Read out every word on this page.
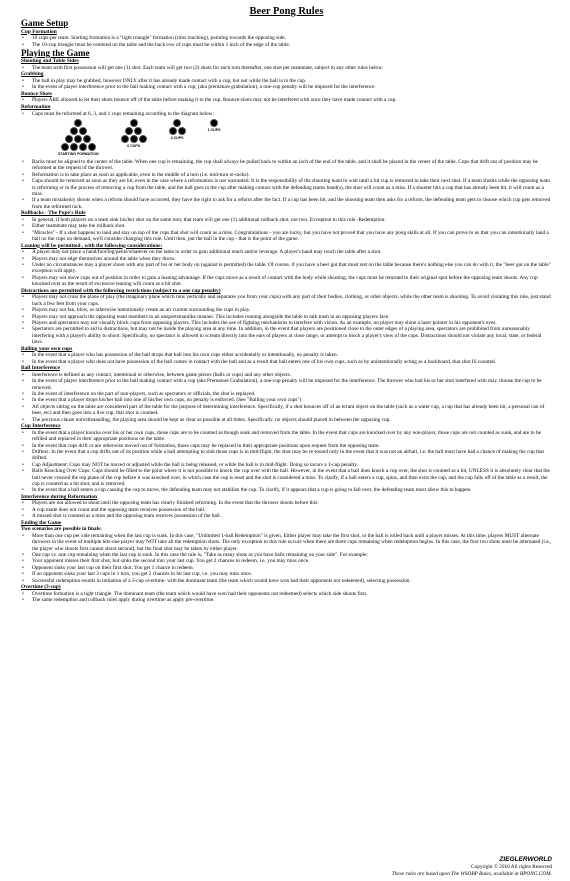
Beer Pong Rules
Game Setup
Cup Formation
• 10 cups-per team. Starting formation is a "tight triangle" formation (rims touching), pointing towards the opposing side.
• The 10-cup triangle must be centered on the table and the back row of cups must be within 1 inch of the edge of the table.
Playing the Game
Shooting and Table Sides
• The team with first possession will get one (1) shot. Each team will get two (2) shots for each turn thereafter, one shot per teammate, subject to any other rules below.
Grabbing
• The ball in play may be grabbed, however ONLY after it has already made contact with a cup, but not while the ball is in the cup.
• In the event of player interference prior to the ball making contact with a cup, (aka premature grabulation), a one-cup penalty will be imposed for the interference.
Bounce Shots
• Players ARE allowed to let their shots bounce off of the table before making it to the cup. Bounce-shots may not be interfered with once they have made contact with a cup.
Reformation
• Cups must be reformed at 6, 3, and 1 cups remaining according to the diagram below:
STARTING FORMATION
6 CUPS
3 CUPS
1 CUPS
• Racks must be aligned to the center of the table. When one cup is remaining, the cup shall always be pulled back to within an inch of the end of the table, and it shall be placed in the center of the table. Cups that drift out of position may be reformed at the request of the thrower.
• Reformation is to take place as soon as applicable, even in the middle of a turn (i.e. mid-turn re-racks).
• Cups should be removed as soon as they are hit, even in the case where a reformation is not warranted. It is the responsibility of the shooting team to wait until a hit cup is removed to take their next shot. If a team shoots while the opposing team is reforming or in the process of removing a cup from the table, and the ball goes in the cup after making contact with the defending teams hand(s), the shot will count as a miss. If a shooter hits a cup that has already been hit, it will count as a miss.
• If a team mistakenly shoots when a reform should have occurred, they have the right to ask for a reform after the fact. If a cup has been hit, and the shooting team then asks for a reform, the defending team gets to choose which cup gets removed from the reformed rack.
Rollbacks - The Pope's Rule
• In general, if both players on a team sink his/her shot on the same turn, that team will get one (1) additional rollback shot, not two: Exception to this rule -Redemption.
• Either teammate may take the rollback shot.
• "Miracles" - If a shot happens to land and stay on top of the cups that shot will count as a miss. Congratulations - you are lucky, but you have not proved that you have any pong skills at all. If you can prove to us that you can intentionally land a ball on the cups on demand, we'll consider changing this rule. Until then, put the ball in the cup - that is the point of the game.
Leaning will be permitted , with the following considerations:
• A player may not place a hand/foot/leg/penis/whatever on the table in order to gain additional reach and/or leverage. A player's hand may touch the table after a shot.
• Players may not edge themselves around the table when they throw.
• Under no circumstances may a player shoot with any part of his or her body on (against is permitted) the table. Of course, if you have a beer gut that must rest on the table because there's nothing else you can do with it, the "beer gut on the table" exception will apply.
• Players may not move cups out of position in order to gain a leaning advantage. If the cups move as a result of contact with the body while shooting, the cups must be returned to their original spot before the opposing team shoots. Any cup knocked over as the result of excessive leaning will count as a hit shot.
Distractions are permitted with the following restrictions (subject to a one cup penalty)
• Players may not cross the plane of play (the imaginary plane which runs vertically and separates you from your cups) with any part of their bodies, clothing, or other objects, while the other team is shooting. To avoid violating this rule, just stand back a few feet from your cups.
• Players may not fan, blow, or otherwise intentionally create an air current surrounding the cups in play.
• Players may not approach the opposing team members in an unsportsmanlike manner. This includes running alongside the table to talk trash in an opposing players face.
• Players and spectators may not visually block cups from opposing players. This includes the use of fighting mechanisms to interfere with vision. As an example, no player may shine a laser pointer in his opponent's eyes.
• Spectators are permitted to aid in distractions, but may not be inside the playing area at any time. In addition, in the event that players are positioned close to the outer edges of a playing area, spectators are prohibited from unreasonably interfering with a player's ability to shoot. Specifically, no spectator is allowed to scream directly into the ears of players at close range, or attempt to block a player's view of the cups. Distractions should not violate any local, state, or federal laws.
Balling your own cups
• In the event that a player who has possession of the ball drops that ball into his own cups either accidentally or intentionally, no penalty is taken.
• In the event that a player who does not have possession of the ball comes in contact with the ball and as a result that ball enters one of his own cups, such as by unintentionally acting as a backboard, that shot IS counted.
Ball Interference
• Interference is defined as any contact, intentional or otherwise, between game pieces (balls or cups) and any other objects.
• In the event of player interference prior to the ball making contact with a cup (aka Premature Grabulation), a one-cup penalty will be imposed for the interference. The thrower who had his or her shot interfered with may choose the cup to be removed.
• In the event of interference on the part of non-players, such as spectators or officials, the shot is replayed.
• In the event that a player drops his/her ball into one of his/her own cups, no penalty is enforced. (See "Balling your own cups")
• All objects sitting on the table are considered part of the table for the purpose of determining interference. Specifically, if a shot bounces off of an errant object on the table (such as a water cup, a cup that has already been hit, a personal can of beer, etc) and then goes into a live cup, that shot is counted.
• The previous clause notwithstanding, the playing area should be kept as clear as possible at all times. Specifically, no objects should placed in between the opposing cup.
Cup Interference
• In the event that a player knocks over his or her own cups, those cups are to be counted as though sunk and removed from the table. In the event that cups are knocked over by any non-player, those cups are not counted as sunk, and are to be refilled and replaced in their appropriate positions on the table.
• In the event that cups drift or are otherwise moved out of formation, those cups may be replaced in their appropriate positions upon request from the opposing team.
• Drifters: In the event that a cup drifts out of its position while a ball attempting to sink those cups is in mid-flight, the shot may be re-tossed only in the event that it was not an airball, i.e. the ball must have had a chance of making the cup that drifted.
• Cup Adjustment: Cups may NOT be moved or adjusted while the ball is being released, or while the ball is in mid-flight. Doing so incurs a 1-cup penalty.
• Balls Knocking Over Cups: Cups should be filled to the point where it is not possible to knock the cup over with the ball. However, in the event that a ball does knock a cup over, the shot is counted as a hit, UNLESS it is absolutely clear that the ball never crossed the top plane of the cup before it was knocked over, in which case the cup is reset and the shot is considered a miss. To clarify, if a ball enters a cup, spins, and then exits the cup, and the cup falls off of the table as a result, the cup is counted as a hit shot, and is removed.
• In the event that a ball enters a cup causing the cup to move, the defending team may not stabilize the cup. To clarify, if it appears that a cup is going to fall over, the defending team must allow this to happen.
Interference during Reformation
• Players are not allowed to shoot until the opposing team has clearly finished reforming. In the event that the thrower shoots before this:
• A cup made does not count and the opposing team receives possession of the ball.
• A missed shot is counted as a miss and the opposing team receives possession of the ball.
Ending the Game
Two scenarios are possible in finals:
• More than one cup per side remaining when the last cup is sunk. In this case, "Unlimited 1-ball Redemption" is given. Either player may take the first shot, or the ball is rolled back until a player misses. At this time, players MUST alternate throwers in the event of multiple hits-one player may NOT take all the redemption shots. The only exception to this rule occurs when there are three cups remaining when redemption begins. In this case, the first two shots must be alternated (i.e., the player who shoots first cannot shoot second), but the final shot may be taken by either player.
• One cup vs. one cup remaining when the last cup is sunk. In this case the rule is, "Take as many shots as you have balls remaining on your side". For example:
• Your opponent misses their first shot, but sinks the second into your last cup. You get 2 chances to redeem, i.e. you may miss once.
• Opponent sinks your last cup on their first shot. You get 1 chance to redeem.
• If an opponent sinks your last 3 cups in 1 turn, you get 2 chances to hit last cup, i.e. you may miss once.
• Successful redemption results in initiation of a 3-cup overtime- with the dominant team (the team which would have won had their opponents not redeemed), selecting possession.
Overtime (3-cup)
• Overtime formation is a tight triangle. The dominant team (the team which would have won had their opponents not redeemed) selects which side shoots first.
• The same redemption and rollback rules apply during overtime as apply pre-overtime.
ZIEGLERWORLD
Copyright © 2010 All rights Reserved
These rules are based upon The WSOBP Rules, available at BPONG.COM.
